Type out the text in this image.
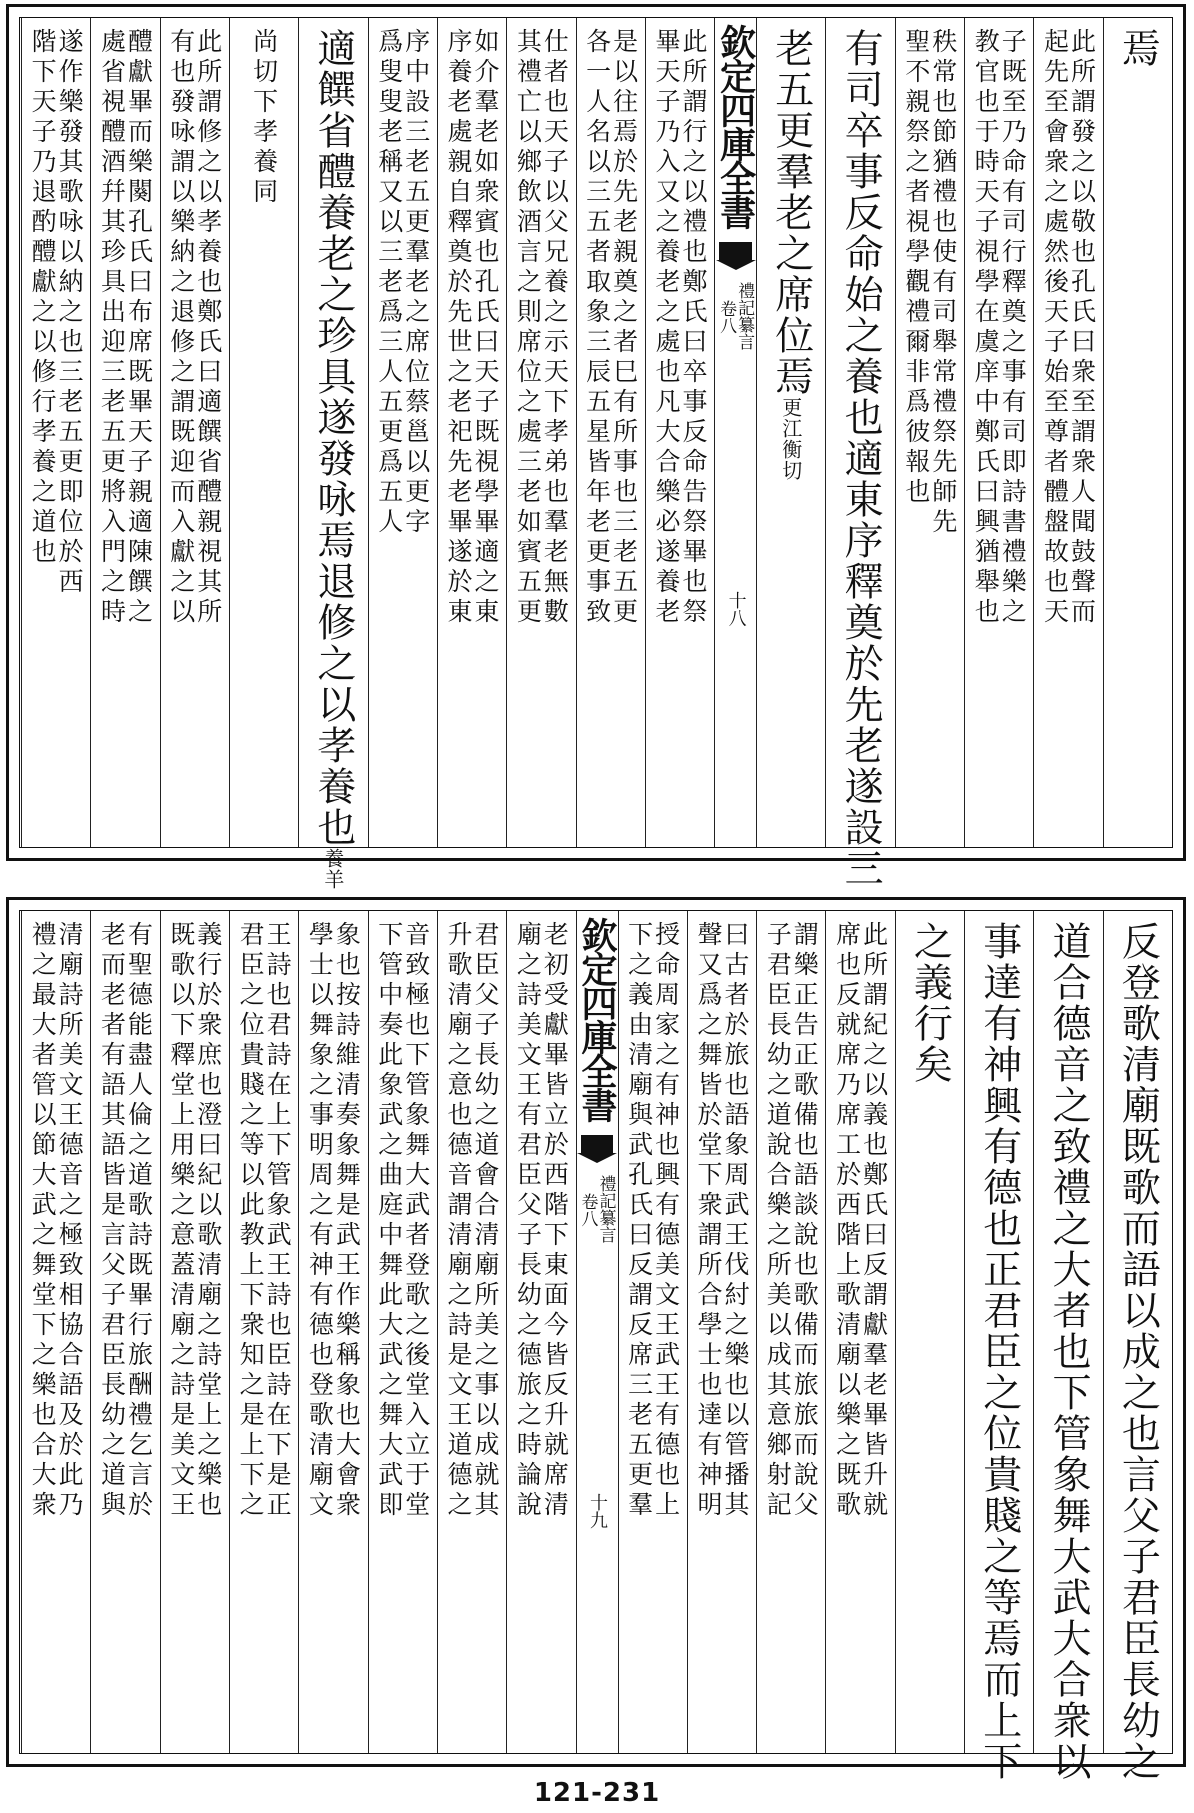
焉
此所謂發之以敬也孔氏曰衆至謂衆人聞鼓聲而
起先至會衆之處然後天子始至尊者體盤故也天
子既至乃命有司行釋奠之事有司即詩書禮樂之
教官也于時天子視學在虞庠中鄭氏曰興猶舉也
秩常也節猶禮也使有司舉常禮祭先師先
聖不親祭之者視學觀禮爾非爲彼報也
有司卒事反命始之養也適東序釋奠於先老遂設三
老五更羣老之席位焉更江衡切
欽定四庫全書
禮記纂言
卷八
十八
此所謂行之以禮也鄭氏曰卒事反命告祭畢也祭
畢天子乃入又之養老之處也凡大合樂必遂養老
是以往焉於先老親奠之者巳有所事也三老五更
各一人名以三五者取象三辰五星皆年老更事致
仕者也天子以父兄養之示天下孝弟也羣老無數
其禮亡以鄉飲酒言之則席位之處三老如賓五更
如介羣老如衆賓也孔氏曰天子既視學畢適之東
序養老處親自釋奠於先世之老祀先老畢遂於東
序中設三老五更羣老之席位蔡邕以更字
爲叟叟老稱又以三老爲三人五更爲五人
適饌省醴養老之珍具遂發咏焉退修之以孝養也養羊
尚切下孝養同
此所謂修之以孝養也鄭氏曰適饌省醴親視其所
有也發咏謂以樂納之退修之謂既迎而入獻之以
醴獻畢而樂闋孔氏曰布席既畢天子親適陳饌之
處省視醴酒幷其珍具出迎三老五更將入門之時
遂作樂發其歌咏以納之也三老五更即位於西
階下天子乃退酌醴獻之以修行孝養之道也
反登歌清廟既歌而語以成之也言父子君臣長幼之
道合德音之致禮之大者也下管象舞大武大合衆以
事達有神興有德也正君臣之位貴賤之等焉而上下
之義行矣
此所謂紀之以義也鄭氏曰反謂獻羣老畢皆升就
席也反就席乃席工於西階上歌清廟以樂之既歌
謂樂正告正歌備也語談說也歌備而旅旅而說父
子君臣長幼之道說合樂之所美以成其意鄉射記
曰古者於旅也語象周武王伐紂之樂也以管播其
聲又爲之舞皆於堂下衆謂所合學士也達有神明
授命周家之有神也興有德美文王武王有德也上
下之義由清廟與武孔氏曰反謂反席三老五更羣
欽定四庫全書
禮記纂言
卷八
十九
老初受獻畢皆立於西階下東面今皆反升就席清
廟之詩美文王有君臣父子長幼之德旅之時論說
君臣父子長幼之道會合清廟所美之事以成就其
升歌清廟之意也德音謂清廟之詩是文王道德之
音致極也下管象舞大武者登歌之後堂入立于堂
下管中奏此象武之曲庭中舞此大武之舞大武即
象也按詩維清奏象舞是武王作樂稱象也大會衆
學士以舞象之事明周之有神有德也登歌清廟文
王詩也君詩在上下管象武王詩也臣詩在下是正
君臣之位貴賤之等以此教上下衆知之是上下之
義行於衆庶也澄曰紀以歌清廟之詩堂上之樂也
既歌以下釋堂上用樂之意蓋清廟之詩是美文王
有聖德能盡人倫之道歌詩既畢行旅酬禮乞言於
老而老者有語其語皆是言父子君臣長幼之道與
清廟詩所美文王德音之極致相協合語及於此乃
禮之最大者管以節大武之舞堂下之樂也合大衆
121-231
